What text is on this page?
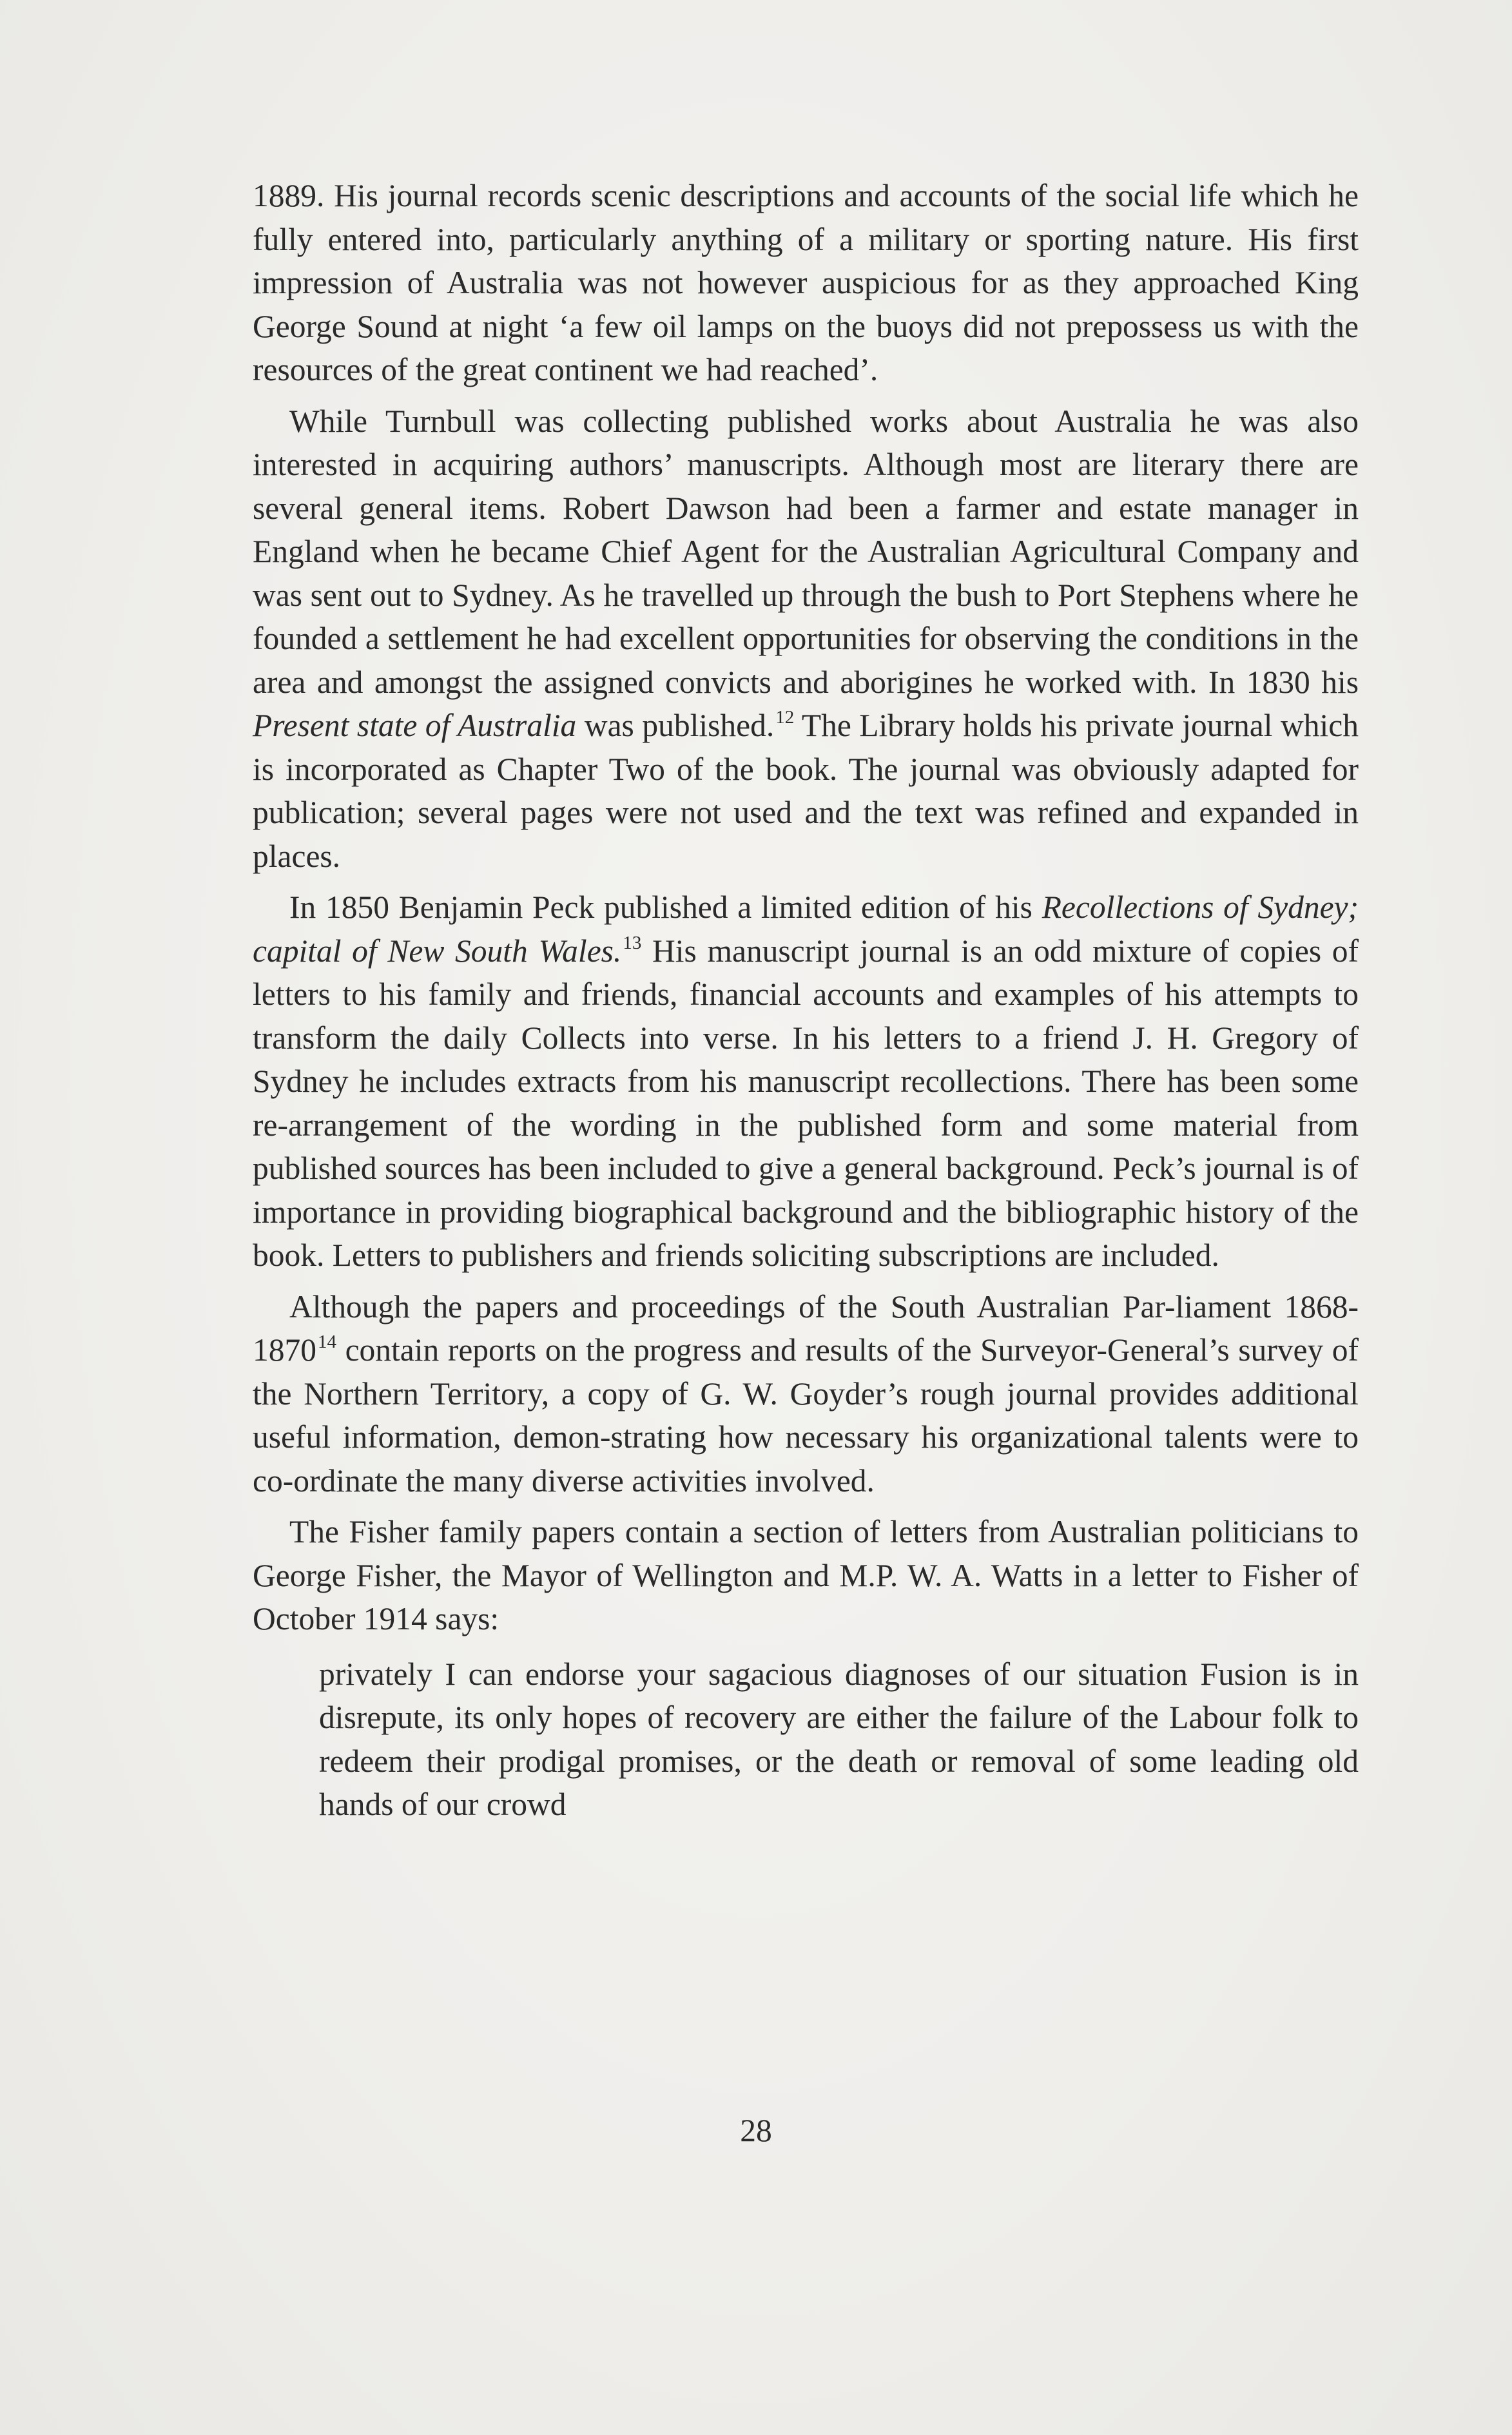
1889. His journal records scenic descriptions and accounts of the social life which he fully entered into, particularly anything of a military or sporting nature. His first impression of Australia was not however auspicious for as they approached King George Sound at night ‘a few oil lamps on the buoys did not prepossess us with the resources of the great continent we had reached’.

While Turnbull was collecting published works about Australia he was also interested in acquiring authors’ manuscripts. Although most are literary there are several general items. Robert Dawson had been a farmer and estate manager in England when he became Chief Agent for the Australian Agricultural Company and was sent out to Sydney. As he travelled up through the bush to Port Stephens where he founded a settlement he had excellent opportunities for observing the conditions in the area and amongst the assigned convicts and aborigines he worked with. In 1830 his Present state of Australia was published.$^{12}$ The Library holds his private journal which is incorporated as Chapter Two of the book. The journal was obviously adapted for publication; several pages were not used and the text was refined and expanded in places.

In 1850 Benjamin Peck published a limited edition of his Recollections of Sydney; capital of New South Wales.$^{13}$ His manuscript journal is an odd mixture of copies of letters to his family and friends, financial accounts and examples of his attempts to transform the daily Collects into verse. In his letters to a friend J. H. Gregory of Sydney he includes extracts from his manuscript recollections. There has been some re-arrangement of the wording in the published form and some material from published sources has been included to give a general background. Peck’s journal is of importance in providing biographical background and the bibliographic history of the book. Letters to publishers and friends soliciting subscriptions are included.

Although the papers and proceedings of the South Australian Par-liament 1868-1870$^{14}$ contain reports on the progress and results of the Surveyor-General’s survey of the Northern Territory, a copy of G. W. Goyder’s rough journal provides additional useful information, demon-strating how necessary his organizational talents were to co-ordinate the many diverse activities involved.

The Fisher family papers contain a section of letters from Australian politicians to George Fisher, the Mayor of Wellington and M.P. W. A. Watts in a letter to Fisher of October 1914 says:

privately I can endorse your sagacious diagnoses of our situation Fusion is in disrepute, its only hopes of recovery are either the failure of the Labour folk to redeem their prodigal promises, or the death or removal of some leading old hands of our crowd

28
